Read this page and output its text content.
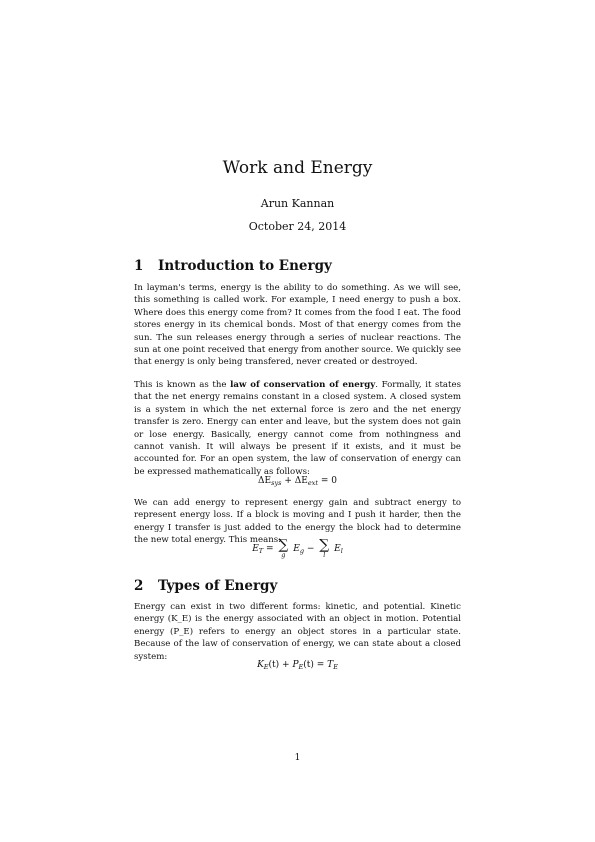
Work and Energy
Arun Kannan
October 24, 2014
1 Introduction to Energy
In layman's terms, energy is the ability to do something. As we will see, this something is called work. For example, I need energy to push a box. Where does this energy come from? It comes from the food I eat. The food stores energy in its chemical bonds. Most of that energy comes from the sun. The sun releases energy through a series of nuclear reactions. The sun at one point received that energy from another source. We quickly see that energy is only being transfered, never created or destroyed.
This is known as the law of conservation of energy. Formally, it states that the net energy remains constant in a closed system. A closed system is a system in which the net external force is zero and the net energy transfer is zero. Energy can enter and leave, but the system does not gain or lose energy. Basically, energy cannot come from nothingness and cannot vanish. It will always be present if it exists, and it must be accounted for. For an open system, the law of conservation of energy can be expressed mathematically as follows:
$\Delta E_{sys} + \Delta E_{ext} = 0$
We can add energy to represent energy gain and subtract energy to represent energy loss. If a block is moving and I push it harder, then the energy I transfer is just added to the energy the block had to determine the new total energy. This means:
$E_T$ = ∑
g
$E_g$ − ∑
l
$E_l$
2 Types of Energy
Energy can exist in two different forms: kinetic, and potential. Kinetic energy (K_E) is the energy associated with an object in motion. Potential energy (P_E) refers to energy an object stores in a particular state. Because of the law of conservation of energy, we can state about a closed system:
$K_E(t) + P_E(t) = T_E$
1
